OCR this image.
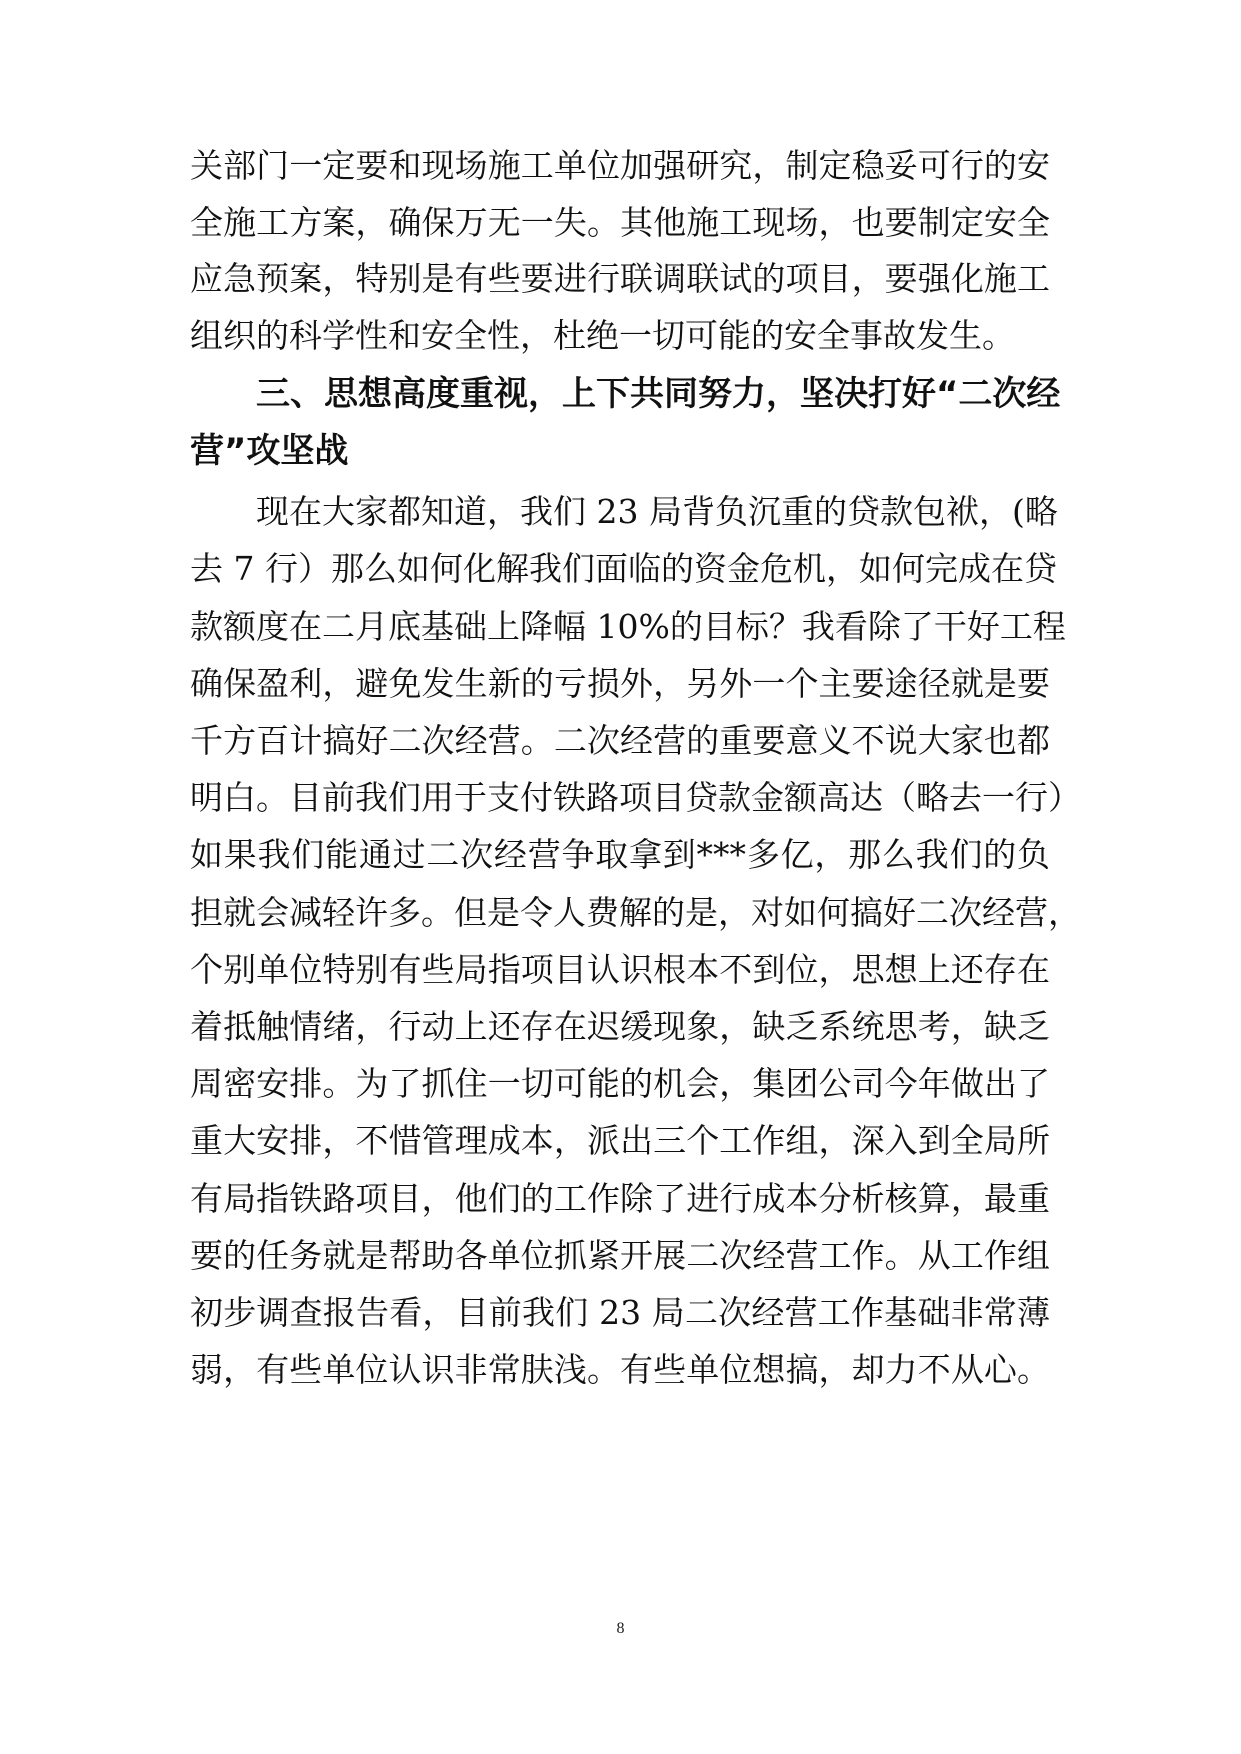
关部门一定要和现场施工单位加强研究，制定稳妥可行的安
全施工方案，确保万无一失。其他施工现场，也要制定安全
应急预案，特别是有些要进行联调联试的项目，要强化施工
组织的科学性和安全性，杜绝一切可能的安全事故发生。
三、思想高度重视，上下共同努力，坚决打好“二次经
营”攻坚战
现在大家都知道，我们 23 局背负沉重的贷款包袱，(略
去 7 行）那么如何化解我们面临的资金危机，如何完成在贷
款额度在二月底基础上降幅 10%的目标？我看除了干好工程
确保盈利，避免发生新的亏损外，另外一个主要途径就是要
千方百计搞好二次经营。二次经营的重要意义不说大家也都
明白。目前我们用于支付铁路项目贷款金额高达（略去一行）
如果我们能通过二次经营争取拿到***多亿，那么我们的负
担就会减轻许多。但是令人费解的是，对如何搞好二次经营，
个别单位特别有些局指项目认识根本不到位，思想上还存在
着抵触情绪，行动上还存在迟缓现象，缺乏系统思考，缺乏
周密安排。为了抓住一切可能的机会，集团公司今年做出了
重大安排，不惜管理成本，派出三个工作组，深入到全局所
有局指铁路项目，他们的工作除了进行成本分析核算，最重
要的任务就是帮助各单位抓紧开展二次经营工作。从工作组
初步调查报告看，目前我们 23 局二次经营工作基础非常薄
弱，有些单位认识非常肤浅。有些单位想搞，却力不从心。
8
